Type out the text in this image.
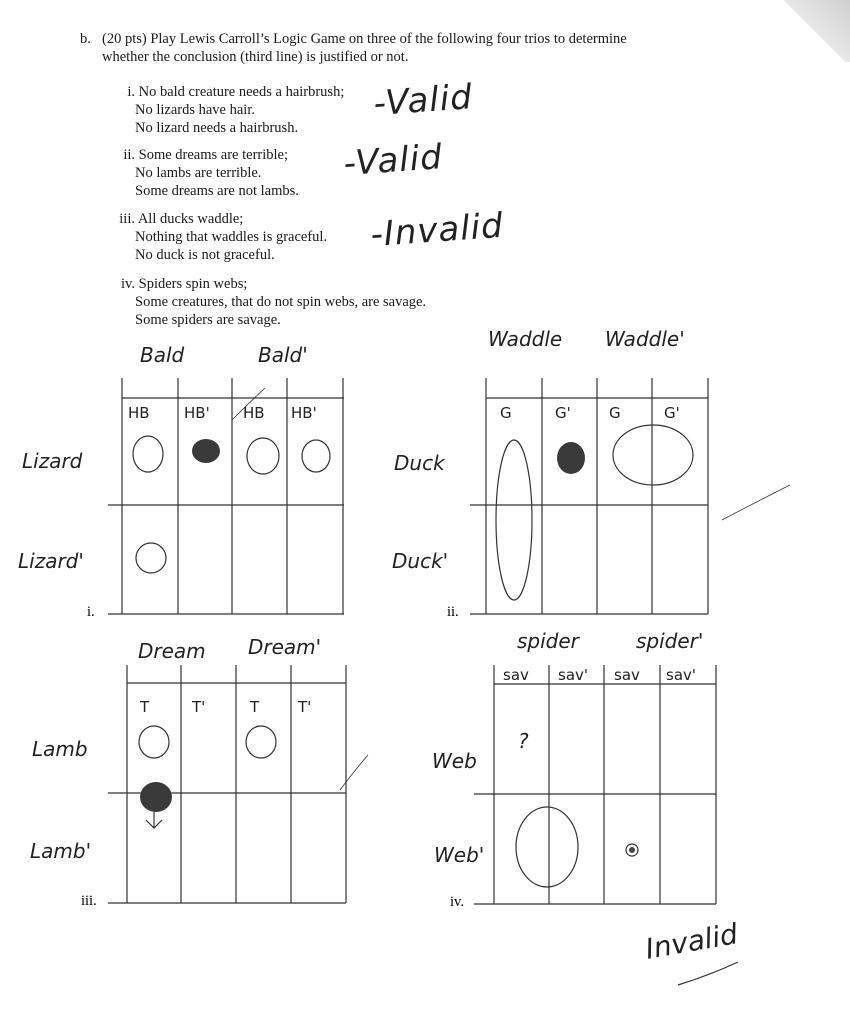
b. (20 pts) Play Lewis Carroll’s Logic Game on three of the following four trios to determine
whether the conclusion (third line) is justified or not.
i. No bald creature needs a hairbrush;
No lizards have hair.
No lizard needs a hairbrush.
-Valid
ii. Some dreams are terrible;
No lambs are terrible.
Some dreams are not lambs.
-Valid
iii. All ducks waddle;
Nothing that waddles is graceful.
No duck is not graceful.	-Invalid
iv. Spiders spin webs;
Some creatures, that do not spin webs, are savage.
Some spiders are savage.
Bald	Bald'
HB HB' HB HB'
Lizard
Lizard'
i.
Waddle Waddle'
G	G'	G	G'
Duck
Duck'
ii.
Dream Dream'
T	T'	T	T'
Lamb
Lamb'
iii.
spider	spider'
sav sav' sav sav'
?
Web
Web'
iv.
Invalid
